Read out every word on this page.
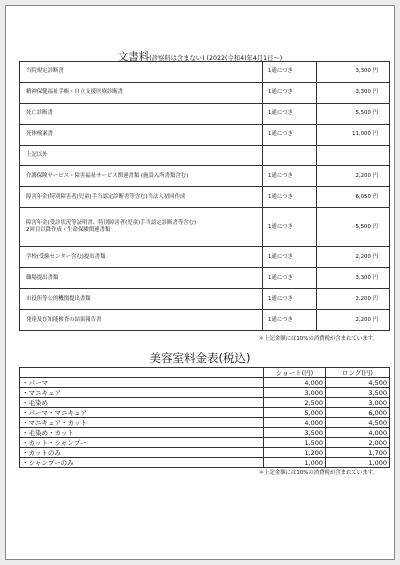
文書料(診察料は含まない) (2022(令和4)年4月1日～)
当院規定診断書	1通につき	3,300 円
精神保健福祉手帳・自立支援医療診断書	1通につき	3,300 円
死亡診断書	1通につき	5,500 円
死体検案書	1通につき	11,000 円
上記以外		
介護保険サービス・障害福祉サービス関連書類 (施設入所書類含む)	1通につき	2,200 円
障害年金(特別障害者(児童)手当認定診断書等含む)当法人初回作成	1通につき	6,050 円
障害年金(受診状況等証明書、特別障害者(児童)手当認定診断書等含む)
2回目以降作成・生命保険関連書類	1通につき	5,500 円
学校(受験センター含む)提出書類	1通につき	2,200 円
職場提出書類	1通につき	3,300 円
市役所等公的機関提出書類	1通につき	2,200 円
発達及び知能検査の結果報告書	1通につき	2,200 円
＊上記金額には10%の消費税が含まれています。
美容室料金表(税込)
	ショート(円)	ロング(円)
・パーマ	4,000	4,500
・マニキュア	3,000	3,500
・毛染め	2,500	3,000
・パーマ・マニキュア	5,000	6,000
・マニキュア・カット	4,000	4,500
・毛染め・カット	3,500	4,000
・カット・シャンプー	1,500	2,000
・カットのみ	1,200	1,700
・シャンプーのみ	1,000	1,000
＊上記金額には10%の消費税が含まれています。
